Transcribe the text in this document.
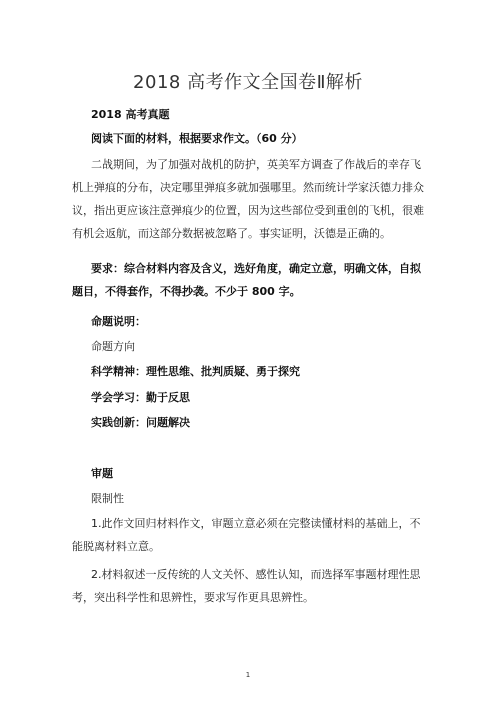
2018 高考作文全国卷Ⅱ解析
2018 高考真题
阅读下面的材料，根据要求作文。（60 分）
二战期间，为了加强对战机的防护，英美军方调查了作战后的幸存飞机上弹痕的分布，决定哪里弹痕多就加强哪里。然而统计学家沃德力排众议，指出更应该注意弹痕少的位置，因为这些部位受到重创的飞机，很难有机会返航，而这部分数据被忽略了。事实证明，沃德是正确的。
要求：综合材料内容及含义，选好角度，确定立意，明确文体，自拟题目，不得套作，不得抄袭。不少于 800 字。
命题说明：
命题方向
科学精神：理性思维、批判质疑、勇于探究
学会学习：勤于反思
实践创新：问题解决
审题
限制性
1.此作文回归材料作文，审题立意必须在完整读懂材料的基础上，不能脱离材料立意。
2.材料叙述一反传统的人文关怀、感性认知，而选择军事题材理性思考，突出科学性和思辨性，要求写作更具思辨性。
1
